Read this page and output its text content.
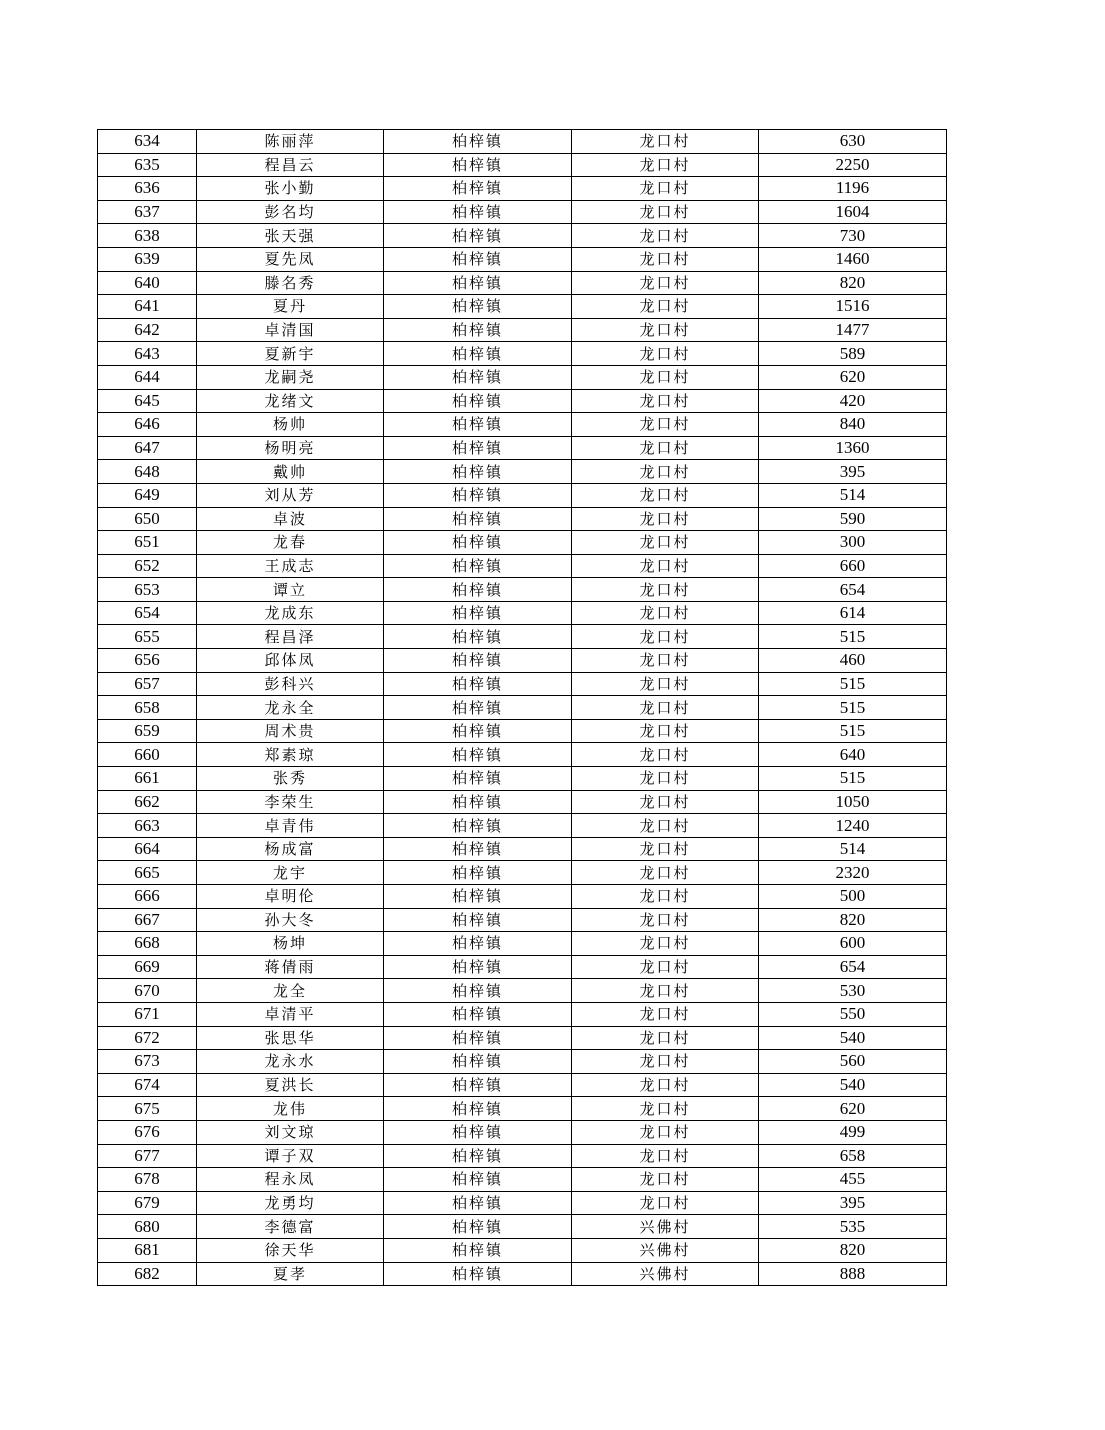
634	陈丽萍	柏梓镇	龙口村	630
635	程昌云	柏梓镇	龙口村	2250
636	张小勤	柏梓镇	龙口村	1196
637	彭名均	柏梓镇	龙口村	1604
638	张天强	柏梓镇	龙口村	730
639	夏先凤	柏梓镇	龙口村	1460
640	滕名秀	柏梓镇	龙口村	820
641	夏丹	柏梓镇	龙口村	1516
642	卓清国	柏梓镇	龙口村	1477
643	夏新宇	柏梓镇	龙口村	589
644	龙嗣尧	柏梓镇	龙口村	620
645	龙绪文	柏梓镇	龙口村	420
646	杨帅	柏梓镇	龙口村	840
647	杨明亮	柏梓镇	龙口村	1360
648	戴帅	柏梓镇	龙口村	395
649	刘从芳	柏梓镇	龙口村	514
650	卓波	柏梓镇	龙口村	590
651	龙春	柏梓镇	龙口村	300
652	王成志	柏梓镇	龙口村	660
653	谭立	柏梓镇	龙口村	654
654	龙成东	柏梓镇	龙口村	614
655	程昌泽	柏梓镇	龙口村	515
656	邱体凤	柏梓镇	龙口村	460
657	彭科兴	柏梓镇	龙口村	515
658	龙永全	柏梓镇	龙口村	515
659	周术贵	柏梓镇	龙口村	515
660	郑素琼	柏梓镇	龙口村	640
661	张秀	柏梓镇	龙口村	515
662	李荣生	柏梓镇	龙口村	1050
663	卓青伟	柏梓镇	龙口村	1240
664	杨成富	柏梓镇	龙口村	514
665	龙宇	柏梓镇	龙口村	2320
666	卓明伦	柏梓镇	龙口村	500
667	孙大冬	柏梓镇	龙口村	820
668	杨坤	柏梓镇	龙口村	600
669	蒋倩雨	柏梓镇	龙口村	654
670	龙全	柏梓镇	龙口村	530
671	卓清平	柏梓镇	龙口村	550
672	张思华	柏梓镇	龙口村	540
673	龙永水	柏梓镇	龙口村	560
674	夏洪长	柏梓镇	龙口村	540
675	龙伟	柏梓镇	龙口村	620
676	刘文琼	柏梓镇	龙口村	499
677	谭子双	柏梓镇	龙口村	658
678	程永凤	柏梓镇	龙口村	455
679	龙勇均	柏梓镇	龙口村	395
680	李德富	柏梓镇	兴佛村	535
681	徐天华	柏梓镇	兴佛村	820
682	夏孝	柏梓镇	兴佛村	888
